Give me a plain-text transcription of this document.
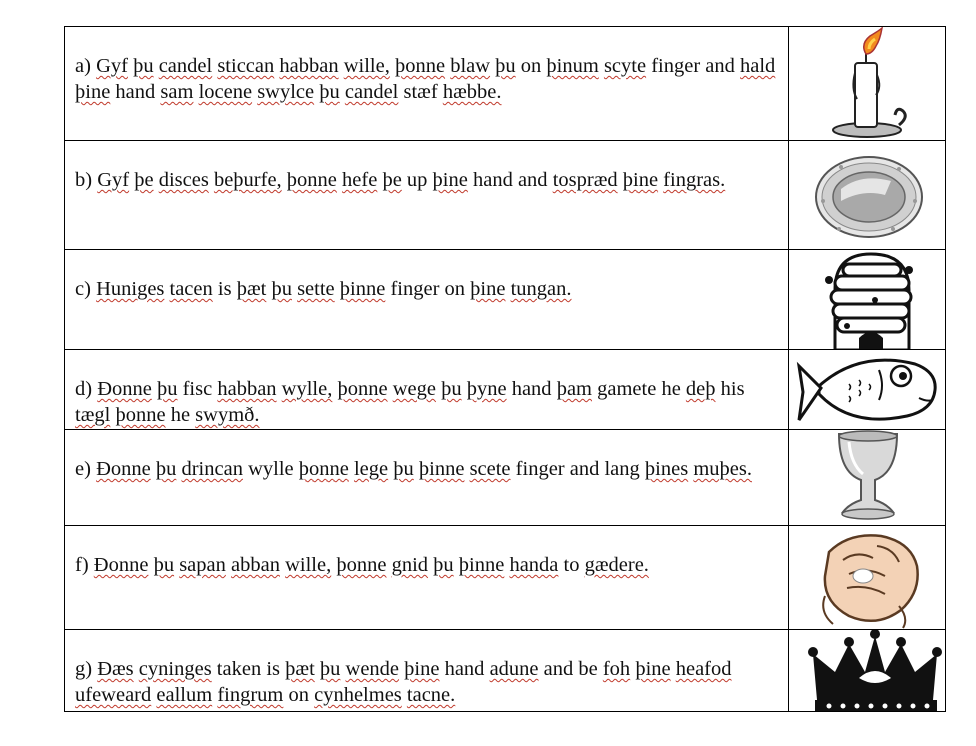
a) Gyf þu candel sticcan habban wille, þonne blaw þu on þinum scyte finger and hald þine hand sam locene swylce þu candel stæf hæbbe.	

b) Gyf þe disces beþurfe, þonne hefe þe up þine hand and tospræd þine fingras.	

c) Huniges tacen is þæt þu sette þinne finger on þine tungan.	

d) Ðonne þu fisc habban wylle, þonne wege þu þyne hand þam gamete he deþ his tægl þonne he swymð.	

e) Ðonne þu drincan wylle þonne lege þu þinne scete finger and lang þines muþes.	

f) Ðonne þu sapan abban wille, þonne gnid þu þinne handa to gædere.	

g) Ðæs cyninges taken is þæt þu wende þine hand adune and be foh þine heafod ufeweard eallum fingrum on cynhelmes tacne.	
